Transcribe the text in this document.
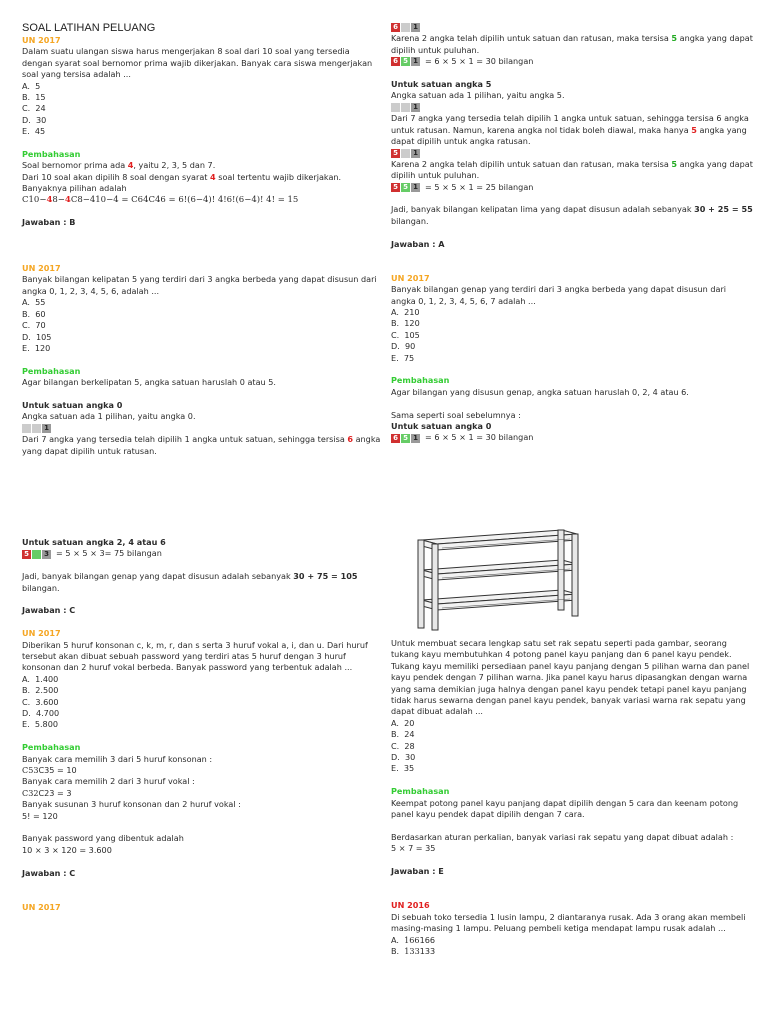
SOAL LATIHAN PELUANG

UN 2017

Dalam suatu ulangan siswa harus mengerjakan 8 soal dari 10 soal yang tersedia dengan syarat soal bernomor prima wajib dikerjakan. Banyak cara siswa mengerjakan soal yang tersisa adalah ...

A.  5

B.  15

C.  24

D.  30

E.  45

Pembahasan

Soal bernomor prima ada 4, yaitu 2, 3, 5 dan 7.

Dari 10 soal akan dipilih 8 soal dengan syarat 4 soal tertentu wajib dikerjakan.

Banyaknya pilihan adalah

C10−48−4C8−410−4 = C64C46 = 6!(6−4)! 4!6!(6−4)! 4! = 15

Jawaban : B

UN 2017

Banyak bilangan kelipatan 5 yang terdiri dari 3 angka berbeda yang dapat disusun dari angka 0, 1, 2, 3, 4, 5, 6, adalah ...

A.  55

B.  60

C.  70

D.  105

E.  120

Pembahasan

Agar bilangan berkelipatan 5, angka satuan haruslah 0 atau 5.

Untuk satuan angka 0

Angka satuan ada 1 pilihan, yaitu angka 0.

1

Dari 7 angka yang tersedia telah dipilih 1 angka untuk satuan, sehingga tersisa 6 angka yang dapat dipilih untuk ratusan.

Untuk satuan angka 2, 4 atau 6

5 3 = 5 × 5 × 3= 75 bilangan

Jadi, banyak bilangan genap yang dapat disusun adalah sebanyak 30 + 75 = 105 bilangan.

Jawaban : C

UN 2017

Diberikan 5 huruf konsonan c, k, m, r, dan s serta 3 huruf vokal a, i, dan u. Dari huruf tersebut akan dibuat sebuah password yang terdiri atas 5 huruf dengan 3 huruf konsonan dan 2 huruf vokal berbeda. Banyak password yang terbentuk adalah ...

A.  1.400

B.  2.500

C.  3.600

D.  4.700

E.  5.800

Pembahasan

Banyak cara memilih 3 dari 5 huruf konsonan :

C53C35 = 10

Banyak cara memilih 2 dari 3 huruf vokal :

C32C23 = 3

Banyak susunan 3 huruf konsonan dan 2 huruf vokal :

5! = 120

Banyak password yang dibentuk adalah

10 × 3 × 120 = 3.600

Jawaban : C

UN 2017

6 1

Karena 2 angka telah dipilih untuk satuan dan ratusan, maka tersisa 5 angka yang dapat dipilih untuk puluhan.

6 5 1 = 6 × 5 × 1 = 30 bilangan

Untuk satuan angka 5

Angka satuan ada 1 pilihan, yaitu angka 5.

1

Dari 7 angka yang tersedia telah dipilih 1 angka untuk satuan, sehingga tersisa 6 angka untuk ratusan. Namun, karena angka nol tidak boleh diawal, maka hanya 5 angka yang dapat dipilih untuk angka ratusan.

5 1

Karena 2 angka telah dipilih untuk satuan dan ratusan, maka tersisa 5 angka yang dapat dipilih untuk puluhan.

5 5 1 = 5 × 5 × 1 = 25 bilangan

Jadi, banyak bilangan kelipatan lima yang dapat disusun adalah sebanyak 30 + 25 = 55 bilangan.

Jawaban : A

UN 2017

Banyak bilangan genap yang terdiri dari 3 angka berbeda yang dapat disusun dari angka 0, 1, 2, 3, 4, 5, 6, 7 adalah ...

A.  210

B.  120

C.  105

D.  90

E.  75

Pembahasan

Agar bilangan yang disusun genap, angka satuan haruslah 0, 2, 4 atau 6.

Sama seperti soal sebelumnya :

Untuk satuan angka 0

6 5 1 = 6 × 5 × 1 = 30 bilangan

Untuk membuat secara lengkap satu set rak sepatu seperti pada gambar, seorang tukang kayu membutuhkan 4 potong panel kayu panjang dan 6 panel kayu pendek. Tukang kayu memiliki persediaan panel kayu panjang dengan 5 pilihan warna dan panel kayu pendek dengan 7 pilihan warna. Jika panel kayu harus dipasangkan dengan warna yang sama demikian juga halnya dengan panel kayu pendek tetapi panel kayu panjang tidak harus sewarna dengan panel kayu pendek, banyak variasi warna rak sepatu yang dapat dibuat adalah ...

A.  20

B.  24

C.  28

D.  30

E.  35

Pembahasan

Keempat potong panel kayu panjang dapat dipilih dengan 5 cara dan keenam potong panel kayu pendek dapat dipilih dengan 7 cara.

Berdasarkan aturan perkalian, banyak variasi rak sepatu yang dapat dibuat adalah :

5 × 7 = 35

Jawaban : E

UN 2016

Di sebuah toko tersedia 1 lusin lampu, 2 diantaranya rusak. Ada 3 orang akan membeli masing-masing 1 lampu. Peluang pembeli ketiga mendapat lampu rusak adalah ...

A.  166166

B.  133133
